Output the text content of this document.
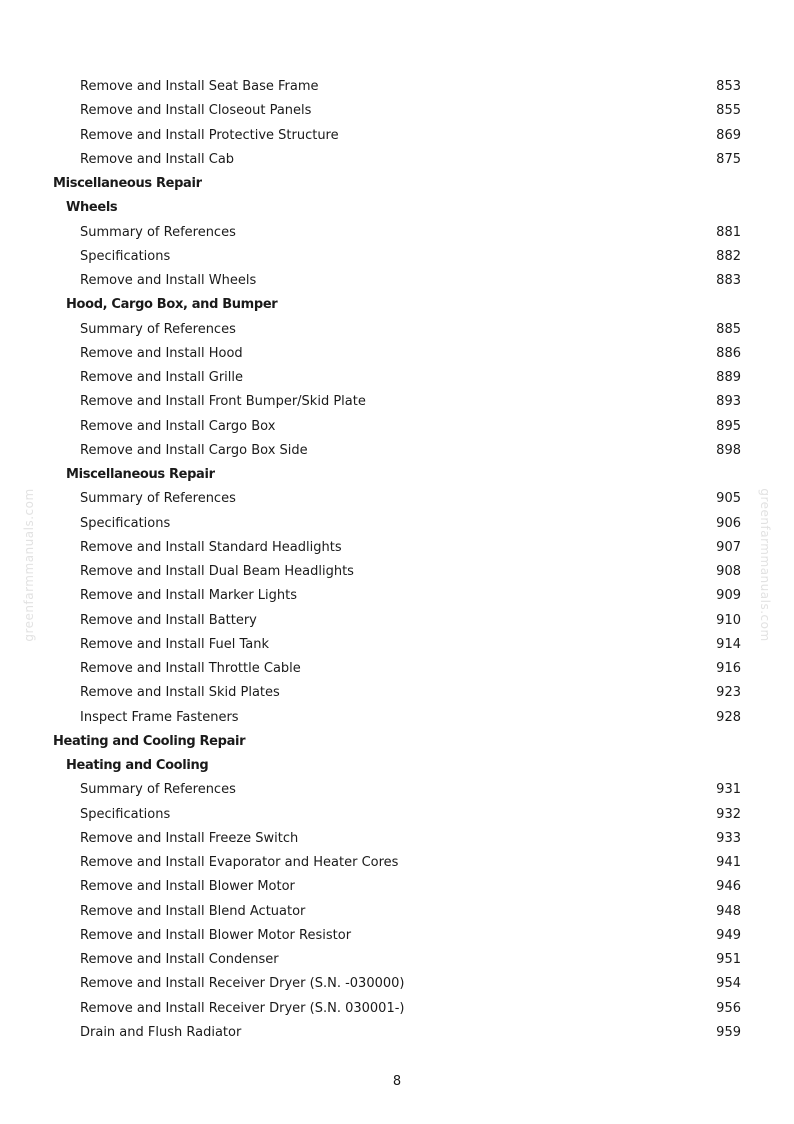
greenfarmmanuals.com	greenfarmmanuals.com
Remove and Install Seat Base Frame	853
Remove and Install Closeout Panels	855
Remove and Install Protective Structure	869
Remove and Install Cab	875
Miscellaneous Repair
Wheels
Summary of References	881
Specifications	882
Remove and Install Wheels	883
Hood, Cargo Box, and Bumper
Summary of References	885
Remove and Install Hood	886
Remove and Install Grille	889
Remove and Install Front Bumper/Skid Plate	893
Remove and Install Cargo Box	895
Remove and Install Cargo Box Side	898
Miscellaneous Repair
Summary of References	905
Specifications	906
Remove and Install Standard Headlights	907
Remove and Install Dual Beam Headlights	908
Remove and Install Marker Lights	909
Remove and Install Battery	910
Remove and Install Fuel Tank	914
Remove and Install Throttle Cable	916
Remove and Install Skid Plates	923
Inspect Frame Fasteners	928
Heating and Cooling Repair
Heating and Cooling
Summary of References	931
Specifications	932
Remove and Install Freeze Switch	933
Remove and Install Evaporator and Heater Cores	941
Remove and Install Blower Motor	946
Remove and Install Blend Actuator	948
Remove and Install Blower Motor Resistor	949
Remove and Install Condenser	951
Remove and Install Receiver Dryer (S.N. -030000)	954
Remove and Install Receiver Dryer (S.N. 030001-)	956
Drain and Flush Radiator	959
8
